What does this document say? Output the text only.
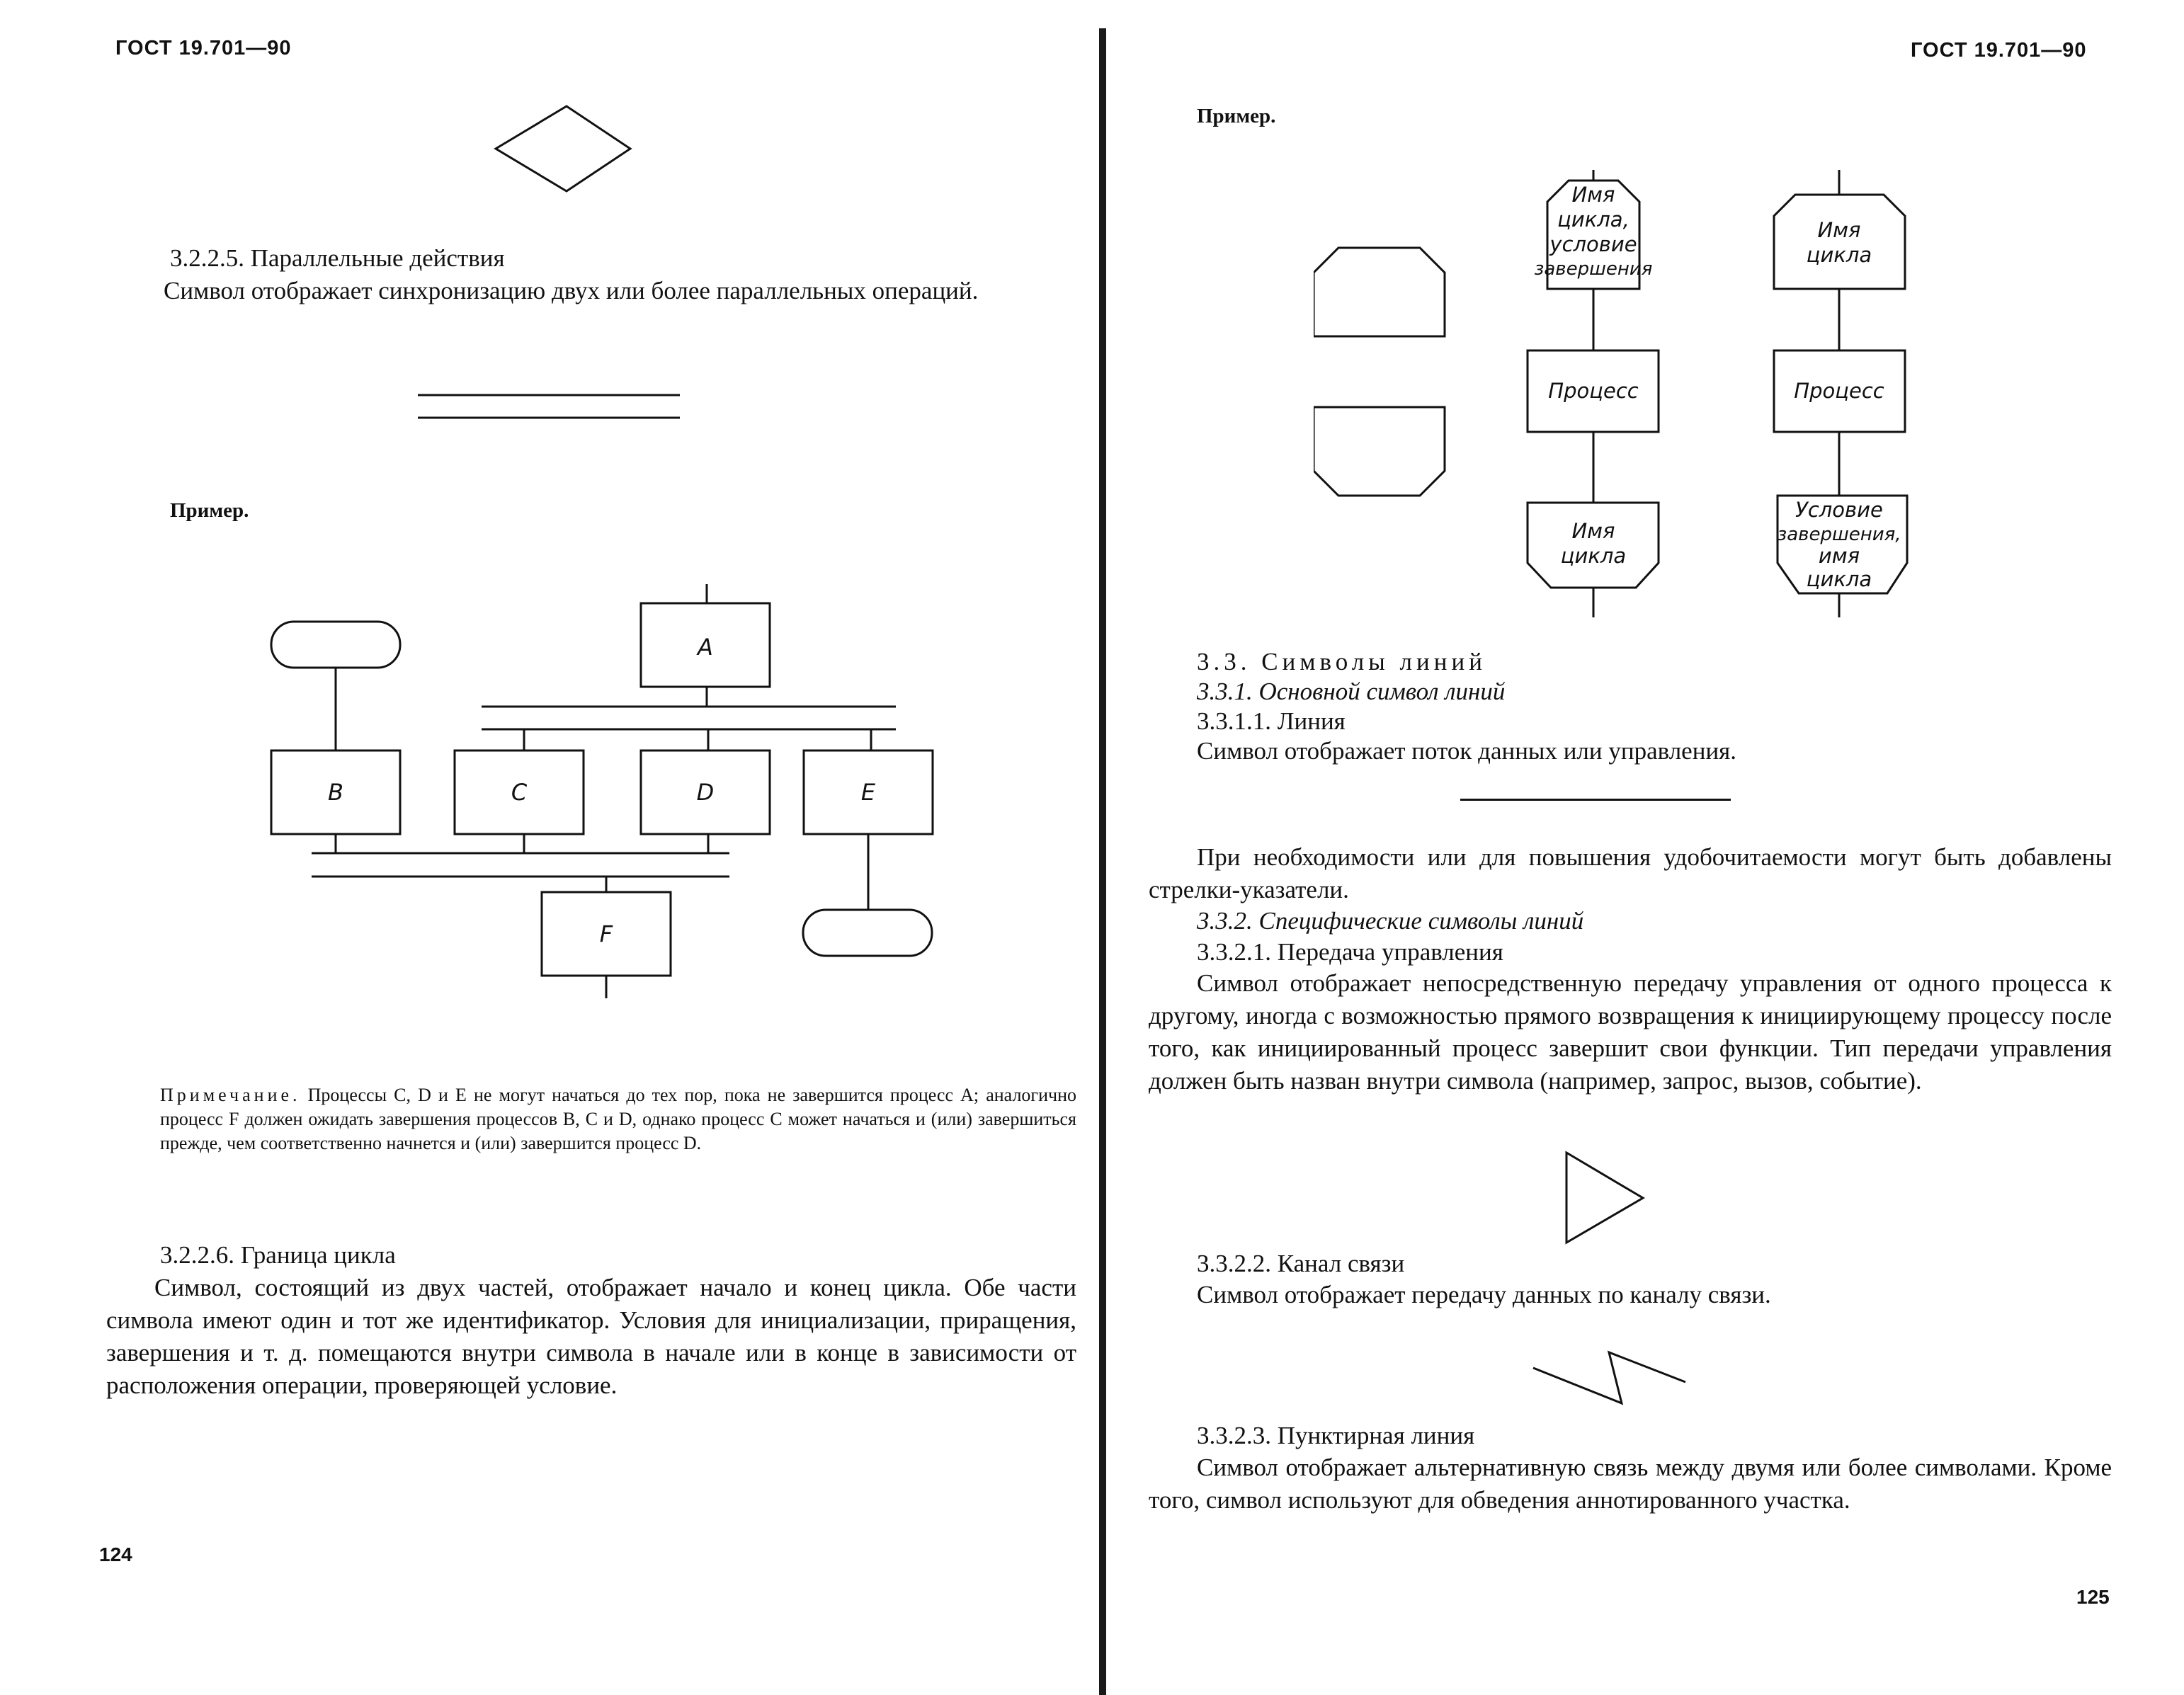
ГОСТ 19.701—90
3.2.2.5. Параллельные действия
Символ отображает синхронизацию двух или более параллельных операций.
Пример.
A
B	C	D	E
F
Примечание. Процессы C, D и E не могут начаться до тех пор, пока не завершится процесс A; аналогично процесс F должен ожидать завершения процессов B, C и D, однако процесс C может начаться и (или) завершиться прежде, чем соответственно начнется и (или) завершится процесс D.
3.2.2.6. Граница цикла
Символ, состоящий из двух частей, отображает начало и конец цикла. Обе части символа имеют один и тот же идентификатор. Условия для инициализации, приращения, завершения и т. д. помещаются внутри символа в начале или в конце в зависимости от расположения операции, проверяющей условие.
124
ГОСТ 19.701—90
Пример.
Имя
цикла,
условие
завершения
Процесс
Имя
цикла
Имя
цикла
Процесс
Условие
завершения,
имя
цикла
3.3. Символы линий
3.3.1. Основной символ линий
3.3.1.1. Линия
Символ отображает поток данных или управления.
При необходимости или для повышения удобочитаемости могут быть добавлены стрелки-указатели.
3.3.2. Специфические символы линий
3.3.2.1. Передача управления
Символ отображает непосредственную передачу управления от одного процесса к другому, иногда с возможностью прямого возвращения к инициирующему процессу после того, как инициированный процесс завершит свои функции. Тип передачи управления должен быть назван внутри символа (например, запрос, вызов, событие).
3.3.2.2. Канал связи
Символ отображает передачу данных по каналу связи.
3.3.2.3. Пунктирная линия
Символ отображает альтернативную связь между двумя или более символами. Кроме того, символ используют для обведения аннотированного участка.
125
